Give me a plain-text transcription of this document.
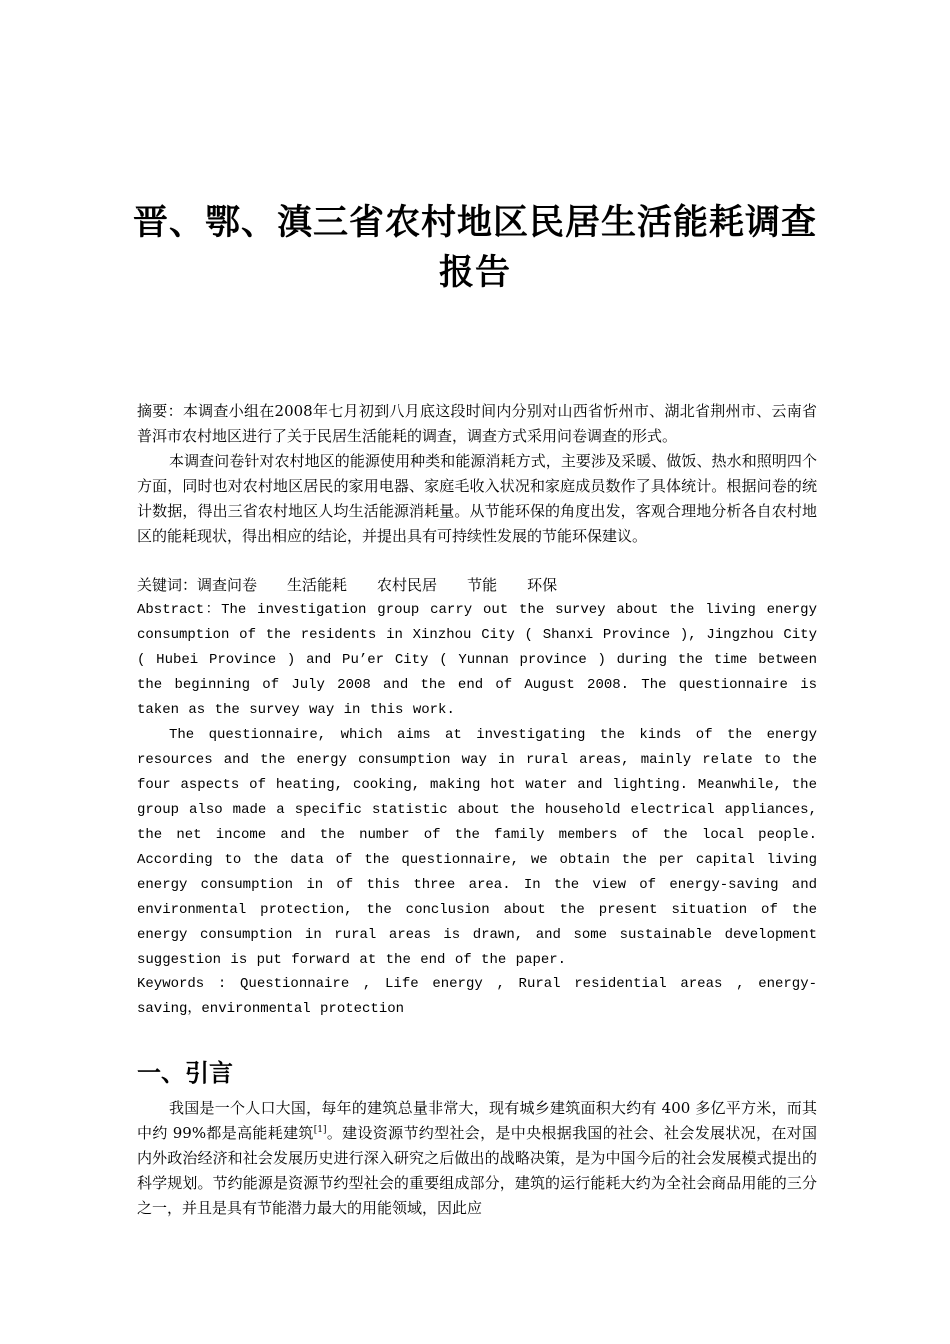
晋、鄂、滇三省农村地区民居生活能耗调查
报告

摘要：本调查小组在2008年七月初到八月底这段时间内分别对山西省忻州市、湖北省荆州市、云南省普洱市农村地区进行了关于民居生活能耗的调查，调查方式采用问卷调查的形式。

本调查问卷针对农村地区的能源使用种类和能源消耗方式，主要涉及采暖、做饭、热水和照明四个方面，同时也对农村地区居民的家用电器、家庭毛收入状况和家庭成员数作了具体统计。根据问卷的统计数据，得出三省农村地区人均生活能源消耗量。从节能环保的角度出发，客观合理地分析各自农村地区的能耗现状，得出相应的结论，并提出具有可持续性发展的节能环保建议。

关键词：调查问卷 生活能耗 农村民居 节能 环保

Abstract：The investigation group carry out the survey about the living energy consumption of the residents in Xinzhou City ( Shanxi Province ), Jingzhou City ( Hubei Province ) and Pu’er City ( Yunnan province ) during the time between the beginning of July 2008 and the end of August 2008. The questionnaire is taken as the survey way in this work.

The questionnaire, which aims at investigating the kinds of the energy resources and the energy consumption way in rural areas, mainly relate to the four aspects of heating, cooking, making hot water and lighting. Meanwhile, the group also made a specific statistic about the household electrical appliances, the net income and the number of the family members of the local people. According to the data of the questionnaire, we obtain the per capital living energy consumption in of this three area. In the view of energy-saving and environmental protection, the conclusion about the present situation of the energy consumption in rural areas is drawn, and some sustainable development suggestion is put forward at the end of the paper.

Keywords : Questionnaire , Life energy , Rural residential areas , energy-saving，environmental protection

一、引言

我国是一个人口大国，每年的建筑总量非常大，现有城乡建筑面积大约有 400 多亿平方米，而其中约 99%都是高能耗建筑[1]。建设资源节约型社会，是中央根据我国的社会、社会发展状况，在对国内外政治经济和社会发展历史进行深入研究之后做出的战略决策，是为中国今后的社会发展模式提出的科学规划。节约能源是资源节约型社会的重要组成部分，建筑的运行能耗大约为全社会商品用能的三分之一，并且是具有节能潜力最大的用能领域，因此应
